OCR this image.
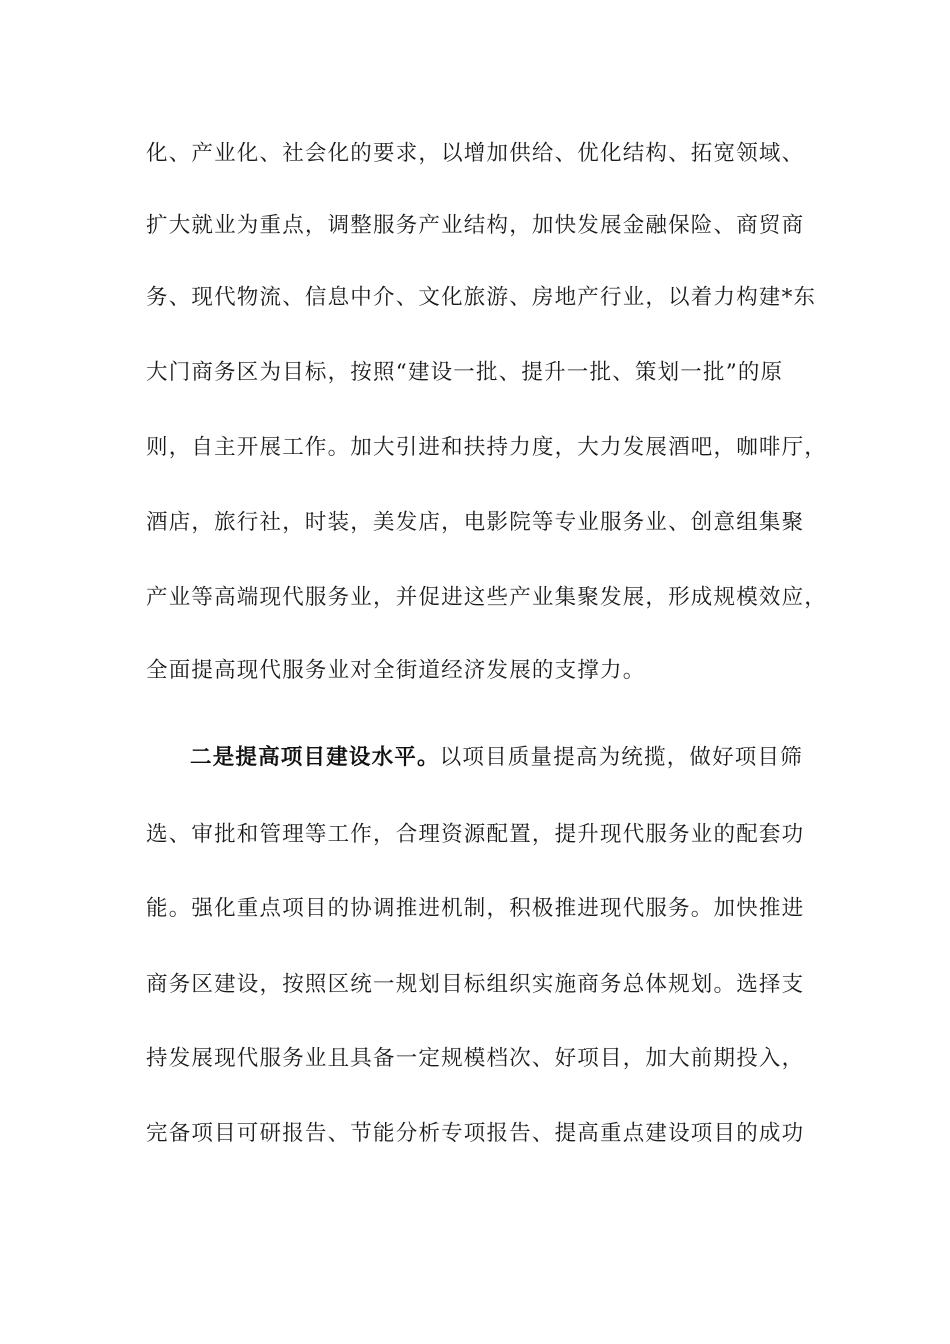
化、产业化、社会化的要求，以增加供给、优化结构、拓宽领域、
扩大就业为重点，调整服务产业结构，加快发展金融保险、商贸商
务、现代物流、信息中介、文化旅游、房地产行业，以着力构建*东
大门商务区为目标，按照“建设一批、提升一批、策划一批”的原
则，自主开展工作。加大引进和扶持力度，大力发展酒吧，咖啡厅，
酒店，旅行社，时装，美发店，电影院等专业服务业、创意组集聚
产业等高端现代服务业，并促进这些产业集聚发展，形成规模效应，
全面提高现代服务业对全街道经济发展的支撑力。
二是提高项目建设水平。以项目质量提高为统揽，做好项目筛
选、审批和管理等工作，合理资源配置，提升现代服务业的配套功
能。强化重点项目的协调推进机制，积极推进现代服务。加快推进
商务区建设，按照区统一规划目标组织实施商务总体规划。选择支
持发展现代服务业且具备一定规模档次、好项目，加大前期投入，
完备项目可研报告、节能分析专项报告、提高重点建设项目的成功
